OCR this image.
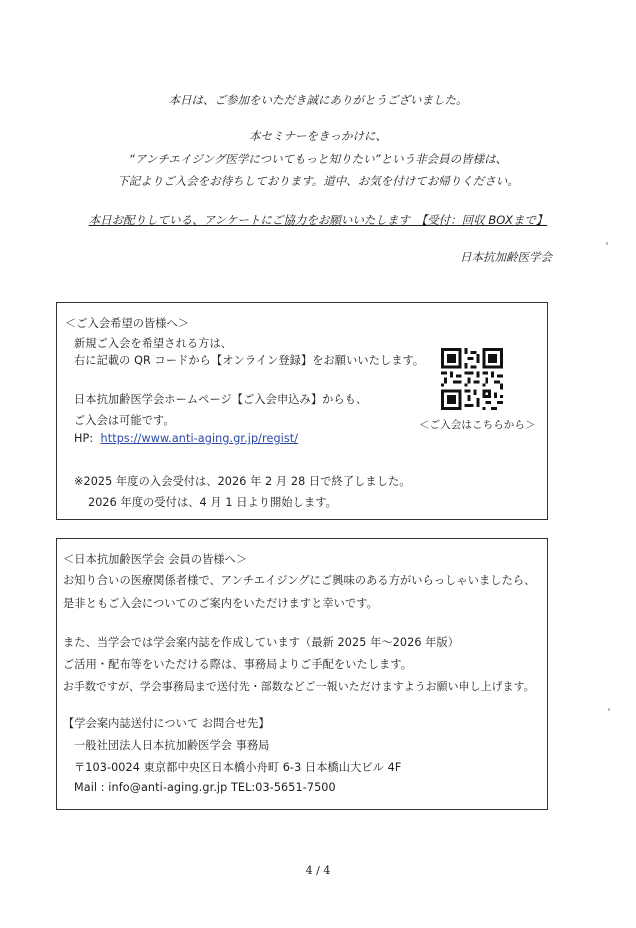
本日は、ご参加をいただき誠にありがとうございました。
本セミナーをきっかけに、
“アンチエイジング医学についてもっと知りたい”という非会員の皆様は、
下記よりご入会をお待ちしております。道中、お気を付けてお帰りください。
本日お配りしている、アンケートにご協力をお願いいたします　【受付：回収 BOXまで】
日本抗加齢医学会
＜ご入会希望の皆様へ＞
新規ご入会を希望される方は、
右に記載の QR コードから【オンライン登録】をお願いいたします。
日本抗加齢医学会ホームページ【ご入会申込み】からも、
ご入会は可能です。
HP: https://www.anti-aging.gr.jp/regist/
※2025 年度の入会受付は、2026 年 2 月 28 日で終了しました。
2026 年度の受付は、4 月 1 日より開始します。
＜ご入会はこちらから＞
＜日本抗加齢医学会 会員の皆様へ＞
お知り合いの医療関係者様で、アンチエイジングにご興味のある方がいらっしゃいましたら、
是非ともご入会についてのご案内をいただけますと幸いです。
また、当学会では学会案内誌を作成しています（最新 2025 年～2026 年版）
ご活用・配布等をいただける際は、事務局よりご手配をいたします。
お手数ですが、学会事務局まで送付先・部数などご一報いただけますようお願い申し上げます。
【学会案内誌送付について お問合せ先】
一般社団法人日本抗加齢医学会 事務局
〒103-0024 東京都中央区日本橋小舟町 6-3 日本橋山大ビル 4F
Mail : info@anti-aging.gr.jp TEL:03-5651-7500
4 / 4
